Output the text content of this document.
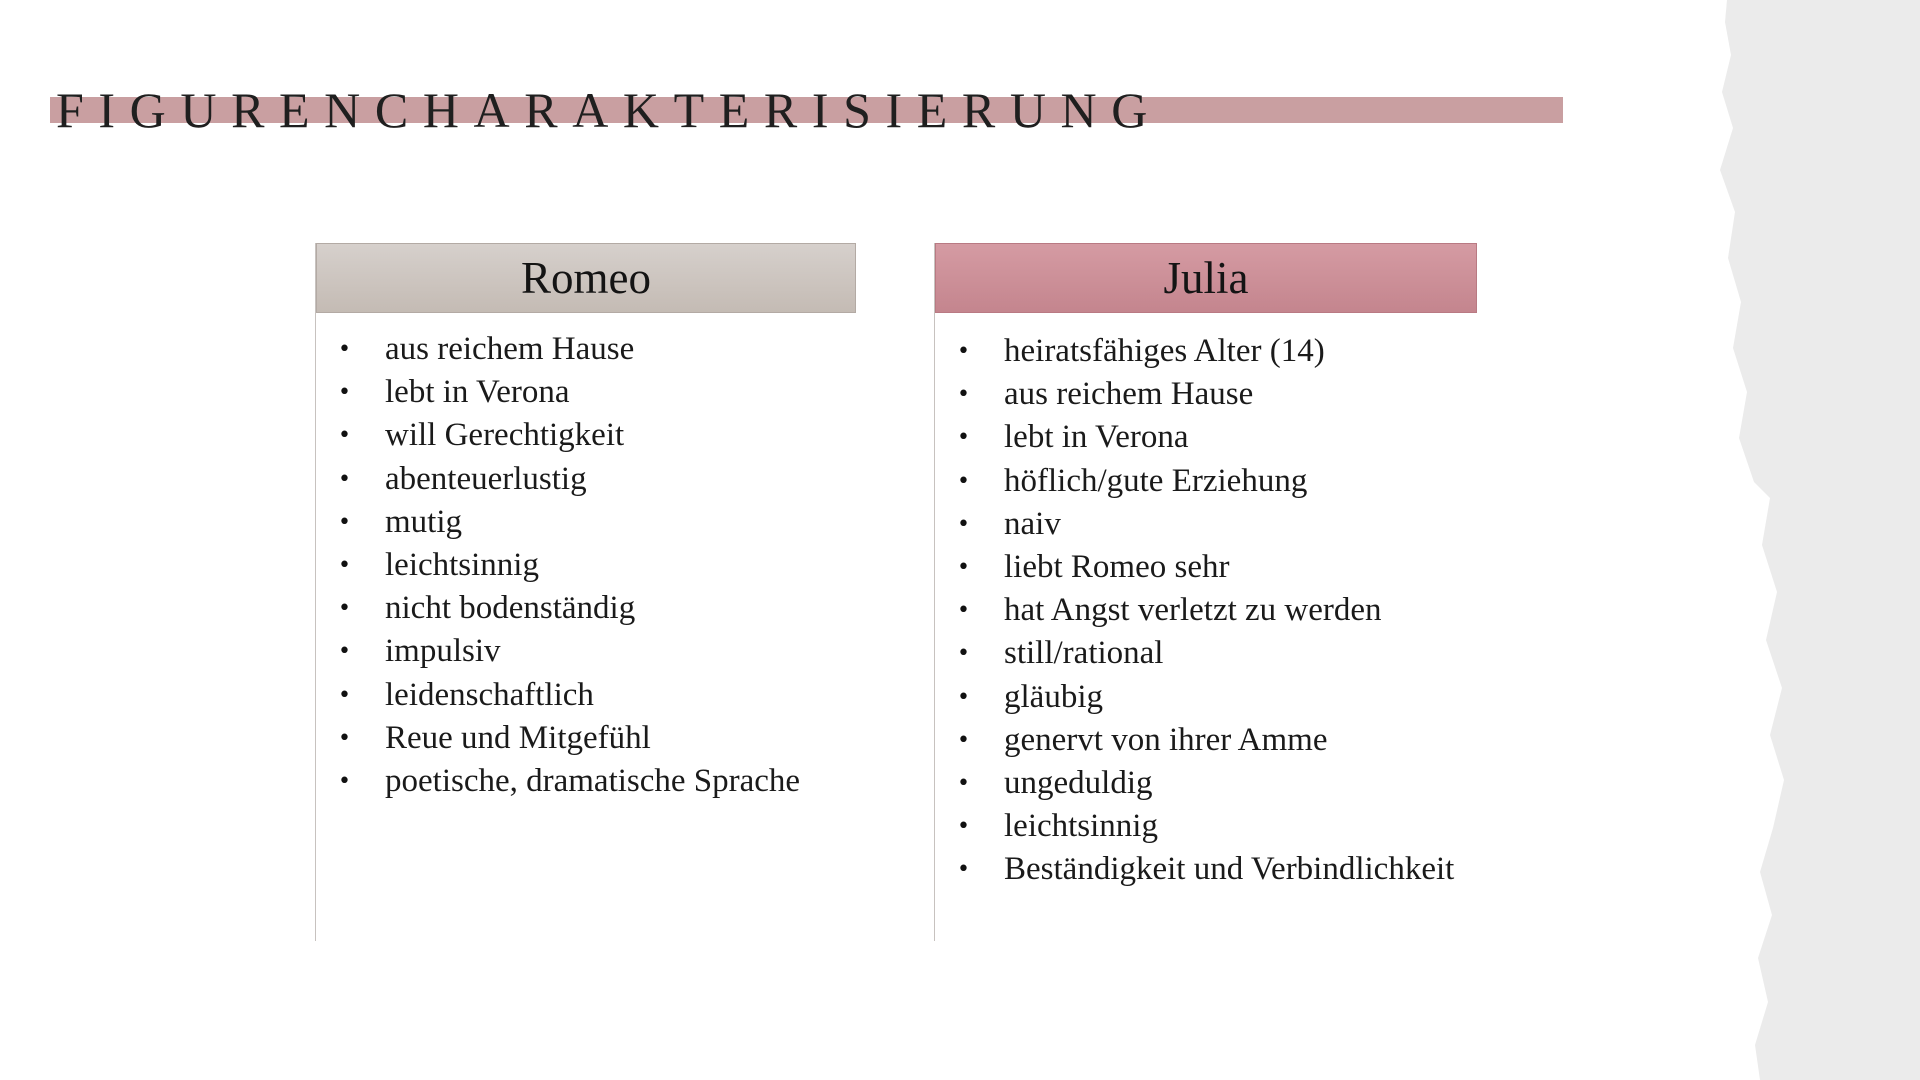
FIGURENCHARAKTERISIERUNG
Romeo
• aus reichem Hause
• lebt in Verona
• will Gerechtigkeit
• abenteuerlustig
• mutig
• leichtsinnig
• nicht bodenständig
• impulsiv
• leidenschaftlich
• Reue und Mitgefühl
• poetische, dramatische Sprache
Julia
• heiratsfähiges Alter (14)
• aus reichem Hause
• lebt in Verona
• höflich/gute Erziehung
• naiv
• liebt Romeo sehr
• hat Angst verletzt zu werden
• still/rational
• gläubig
• genervt von ihrer Amme
• ungeduldig
• leichtsinnig
• Beständigkeit und Verbindlichkeit
